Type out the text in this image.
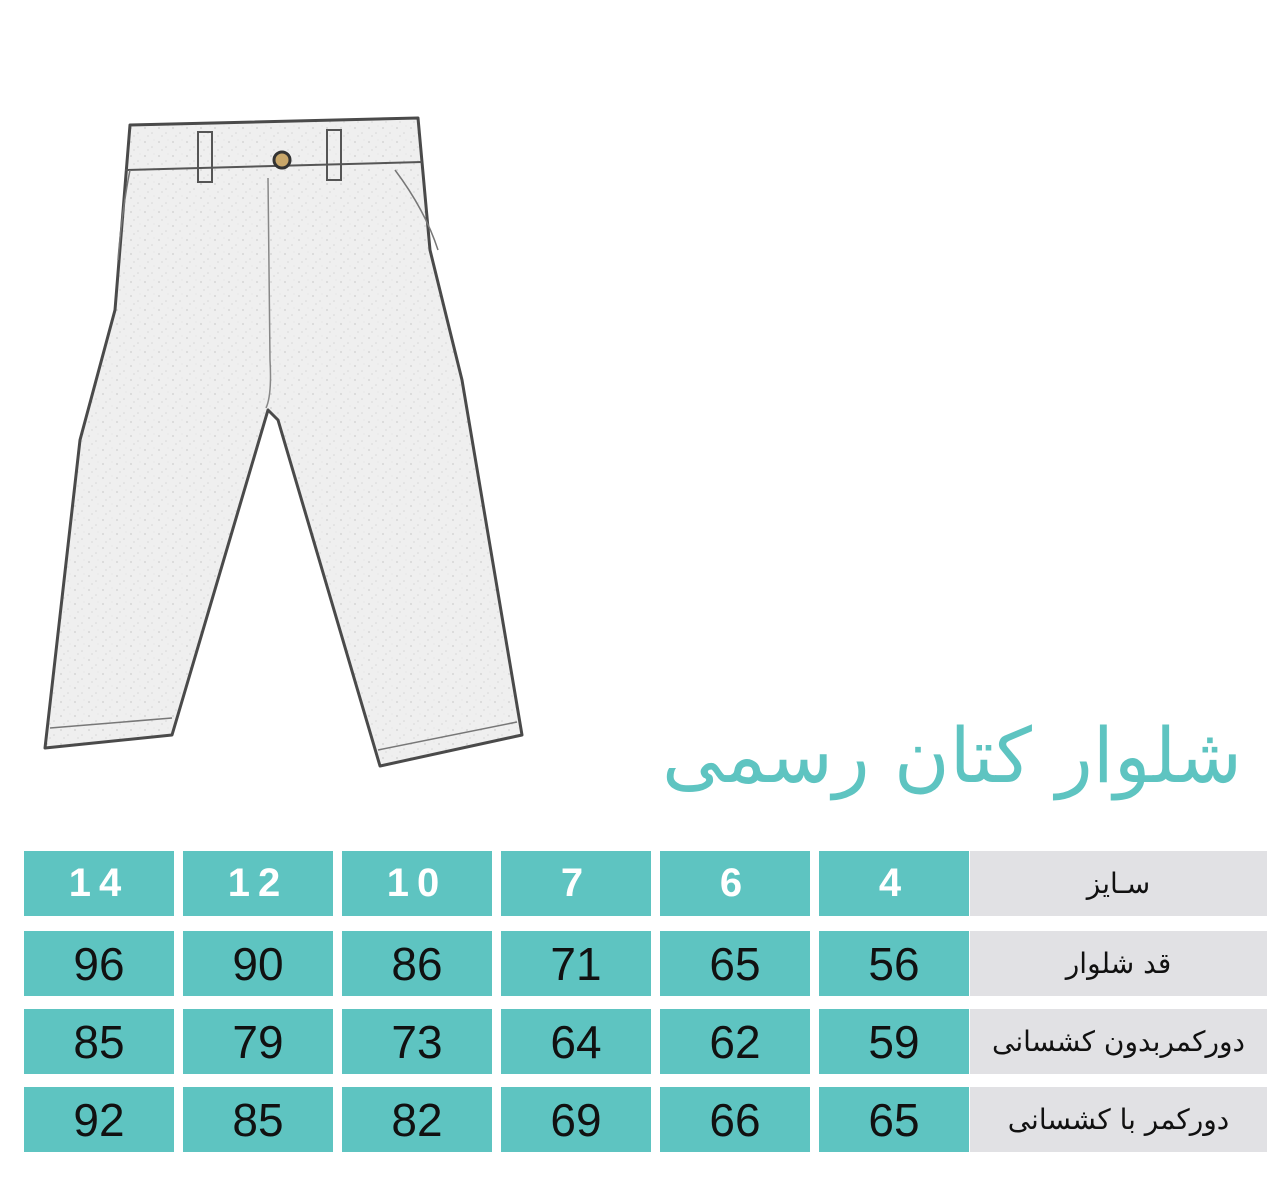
شلوار کتان رسمی
14	12	10	7	6	4	سـایز
96	90	86	71	65	56	قد شلوار
85	79	73	64	62	59	دورکمربدون کشسانی
92	85	82	69	66	65	دورکمر با کشسانی
